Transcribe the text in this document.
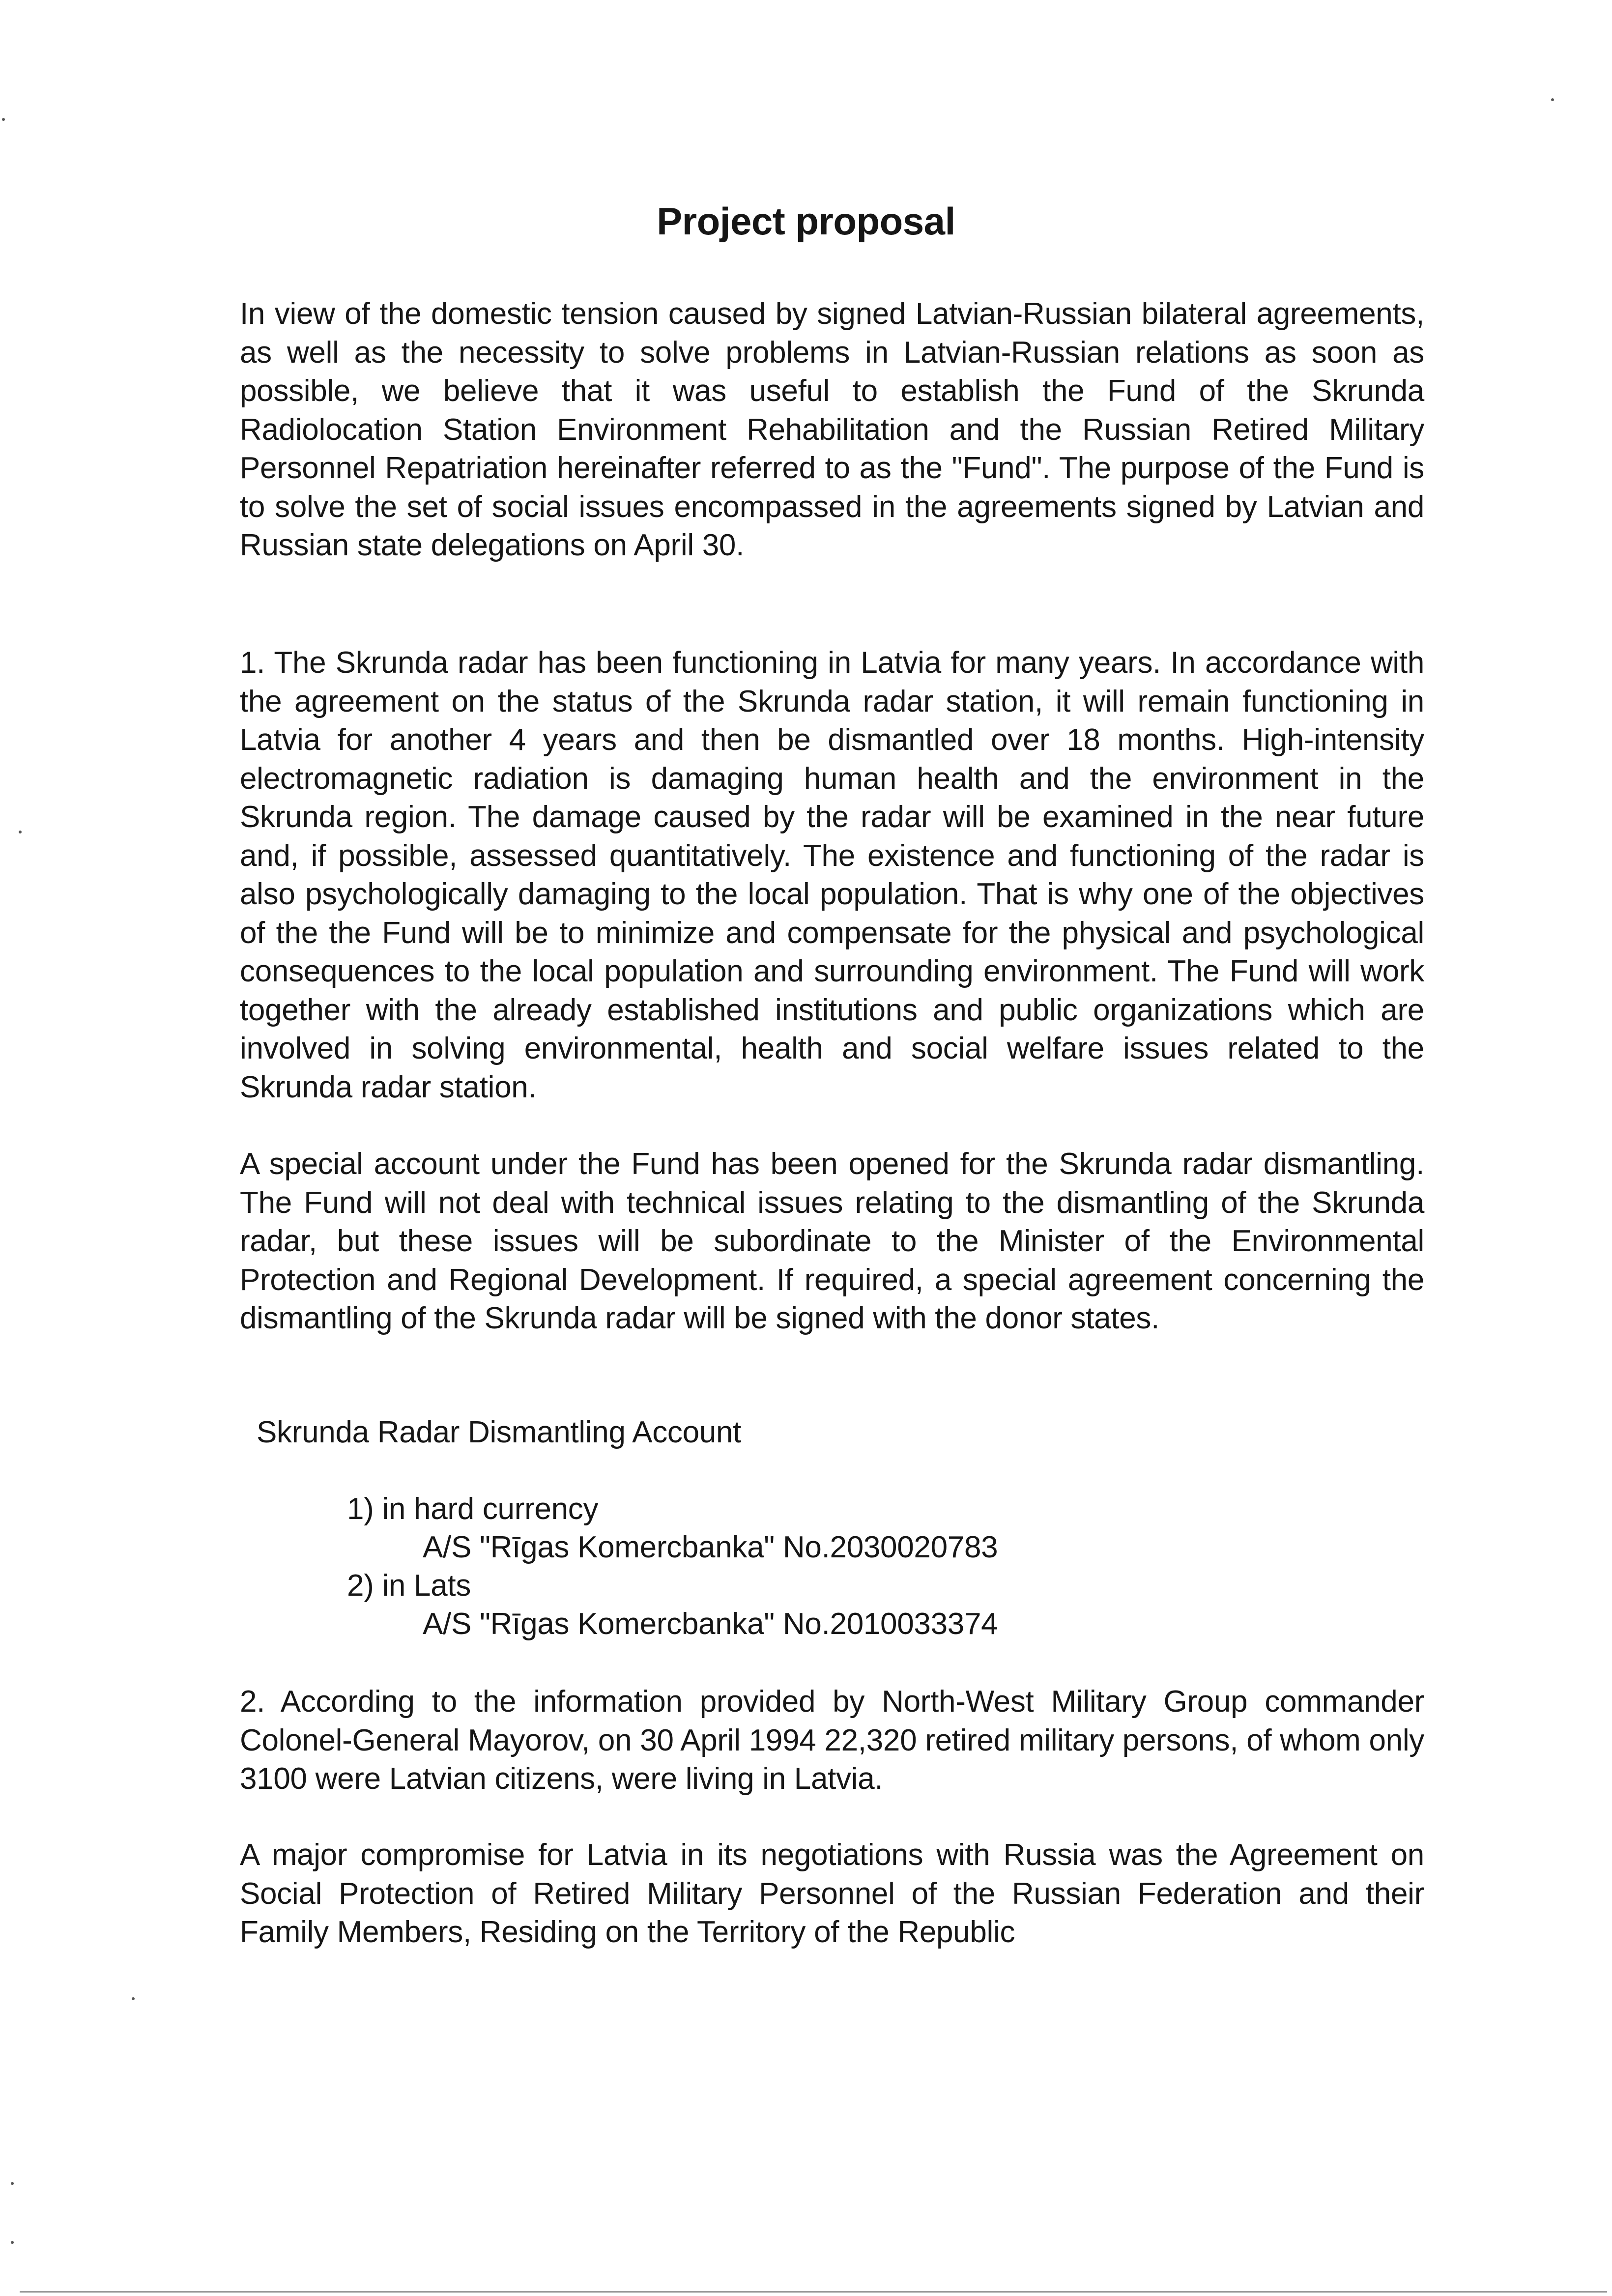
Project proposal

In view of the domestic tension caused by signed Latvian-Russian bilateral agreements, as well as the necessity to solve problems in Latvian-Russian relations as soon as possible, we believe that it was useful to establish the Fund of the Skrunda Radiolocation Station Environment Rehabilitation and the Russian Retired Military Personnel Repatriation hereinafter referred to as the "Fund". The purpose of the Fund is to solve the set of social issues encompassed in the agreements signed by Latvian and Russian state delegations on April 30.

1. The Skrunda radar has been functioning in Latvia for many years. In accordance with the agreement on the status of the Skrunda radar station, it will remain functioning in Latvia for another 4 years and then be dismantled over 18 months. High-intensity electromagnetic radiation is damaging human health and the environment in the Skrunda region. The damage caused by the radar will be examined in the near future and, if possible, assessed quantitatively. The existence and functioning of the radar is also psychologically damaging to the local population. That is why one of the objectives of the the Fund will be to minimize and compensate for the physical and psychological consequences to the local population and surrounding environment. The Fund will work together with the already established institutions and public organizations which are involved in solving environmental, health and social welfare issues related to the Skrunda radar station.

A special account under the Fund has been opened for the Skrunda radar dismantling. The Fund will not deal with technical issues relating to the dismantling of the Skrunda radar, but these issues will be subordinate to the Minister of the Environmental Protection and Regional Development. If required, a special agreement concerning the dismantling of the Skrunda radar will be signed with the donor states.

Skrunda Radar Dismantling Account

1) in hard currency

A/S "Rīgas Komercbanka" No.2030020783

2) in Lats

A/S "Rīgas Komercbanka" No.2010033374

2. According to the information provided by North-West Military Group commander Colonel-General Mayorov, on 30 April 1994 22,320 retired military persons, of whom only 3100 were Latvian citizens, were living in Latvia.

A major compromise for Latvia in its negotiations with Russia was the Agreement on Social Protection of Retired Military Personnel of the Russian Federation and their Family Members, Residing on the Territory of the Republic
